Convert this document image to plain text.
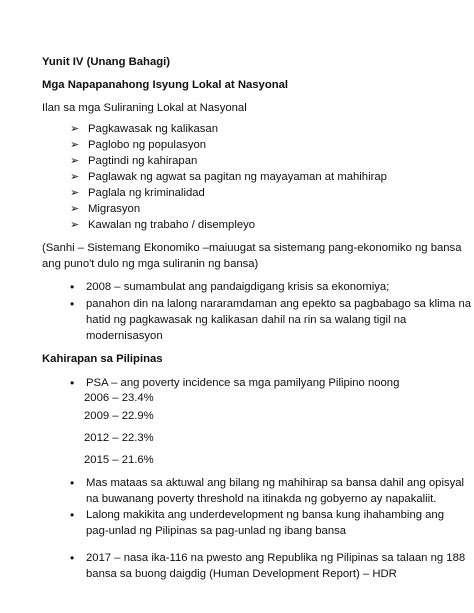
Yunit IV (Unang Bahagi)
Mga Napapanahong Isyung Lokal at Nasyonal
Ilan sa mga Suliraning Lokal at Nasyonal
➢ Pagkawasak ng kalikasan
➢ Paglobo ng populasyon
➢ Pagtindi ng kahirapan
➢ Paglawak ng agwat sa pagitan ng mayayaman at mahihirap
➢ Paglala ng kriminalidad
➢ Migrasyon
➢ Kawalan ng trabaho / disempleyo
(Sanhi – Sistemang Ekonomiko –maiuugat sa sistemang pang-ekonomiko ng bansa
ang puno't dulo ng mga suliranin ng bansa)
• 2008 – sumambulat ang pandaigdigang krisis sa ekonomiya;
• panahon din na lalong nararamdaman ang epekto sa pagbabago sa klima na
hatid ng pagkawasak ng kalikasan dahil na rin sa walang tigil na
modernisasyon
Kahirapan sa Pilipinas
• PSA – ang poverty incidence sa mga pamilyang Pilipino noong
2006 – 23.4%
2009 – 22.9%
2012 – 22.3%
2015 – 21.6%
• Mas mataas sa aktuwal ang bilang ng mahihirap sa bansa dahil ang opisyal
na buwanang poverty threshold na itinakda ng gobyerno ay napakaliit.
• Lalong makikita ang underdevelopment ng bansa kung ihahambing ang
pag-unlad ng Pilipinas sa pag-unlad ng ibang bansa
• 2017 – nasa ika-116 na pwesto ang Republika ng Pilipinas sa talaan ng 188
bansa sa buong daigdig (Human Development Report) – HDR
